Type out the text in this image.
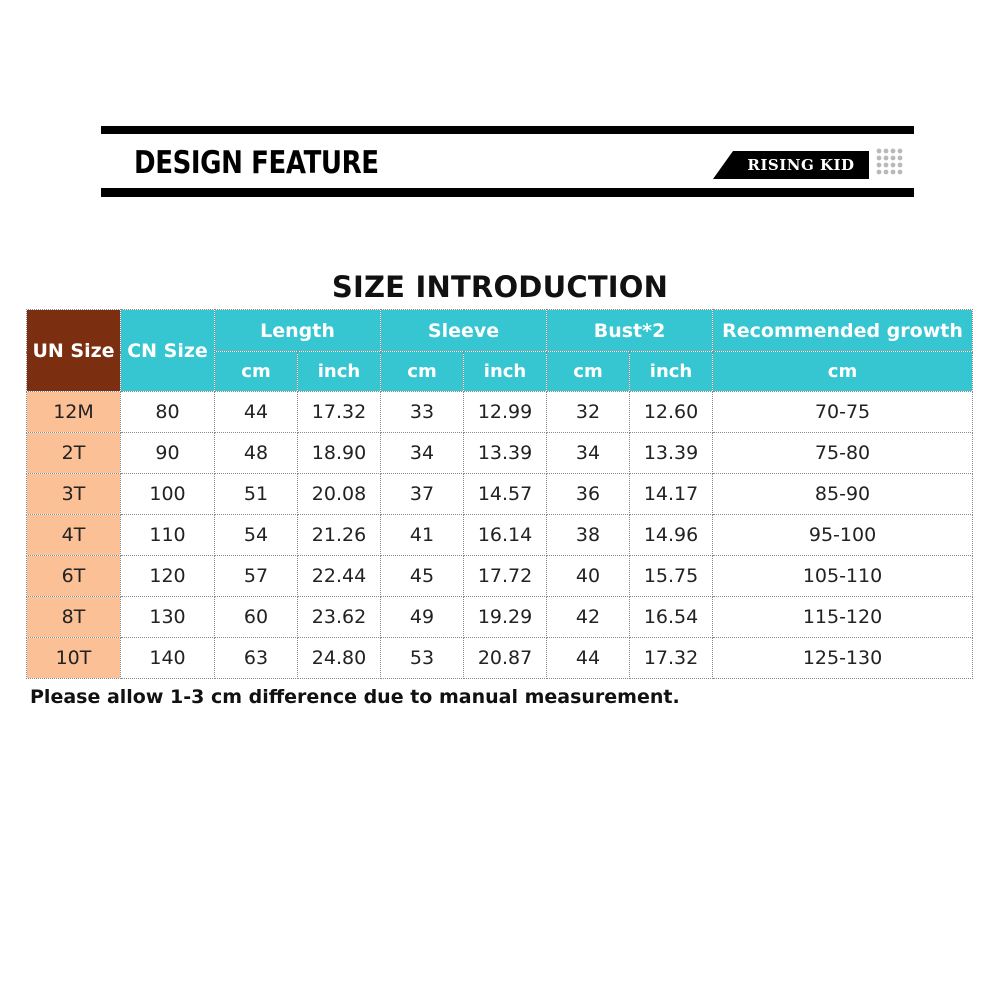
DESIGN FEATURE	RISING KID
SIZE INTRODUCTION
UN Size	CN Size	Length		Sleeve		Bust*2		Recommended growth
		cm	inch	cm	inch	cm	inch	cm
12M	80	44	17.32	33	12.99	32	12.60	70-75
2T	90	48	18.90	34	13.39	34	13.39	75-80
3T	100	51	20.08	37	14.57	36	14.17	85-90
4T	110	54	21.26	41	16.14	38	14.96	95-100
6T	120	57	22.44	45	17.72	40	15.75	105-110
8T	130	60	23.62	49	19.29	42	16.54	115-120
10T	140	63	24.80	53	20.87	44	17.32	125-130
Please allow 1-3 cm difference due to manual measurement.
